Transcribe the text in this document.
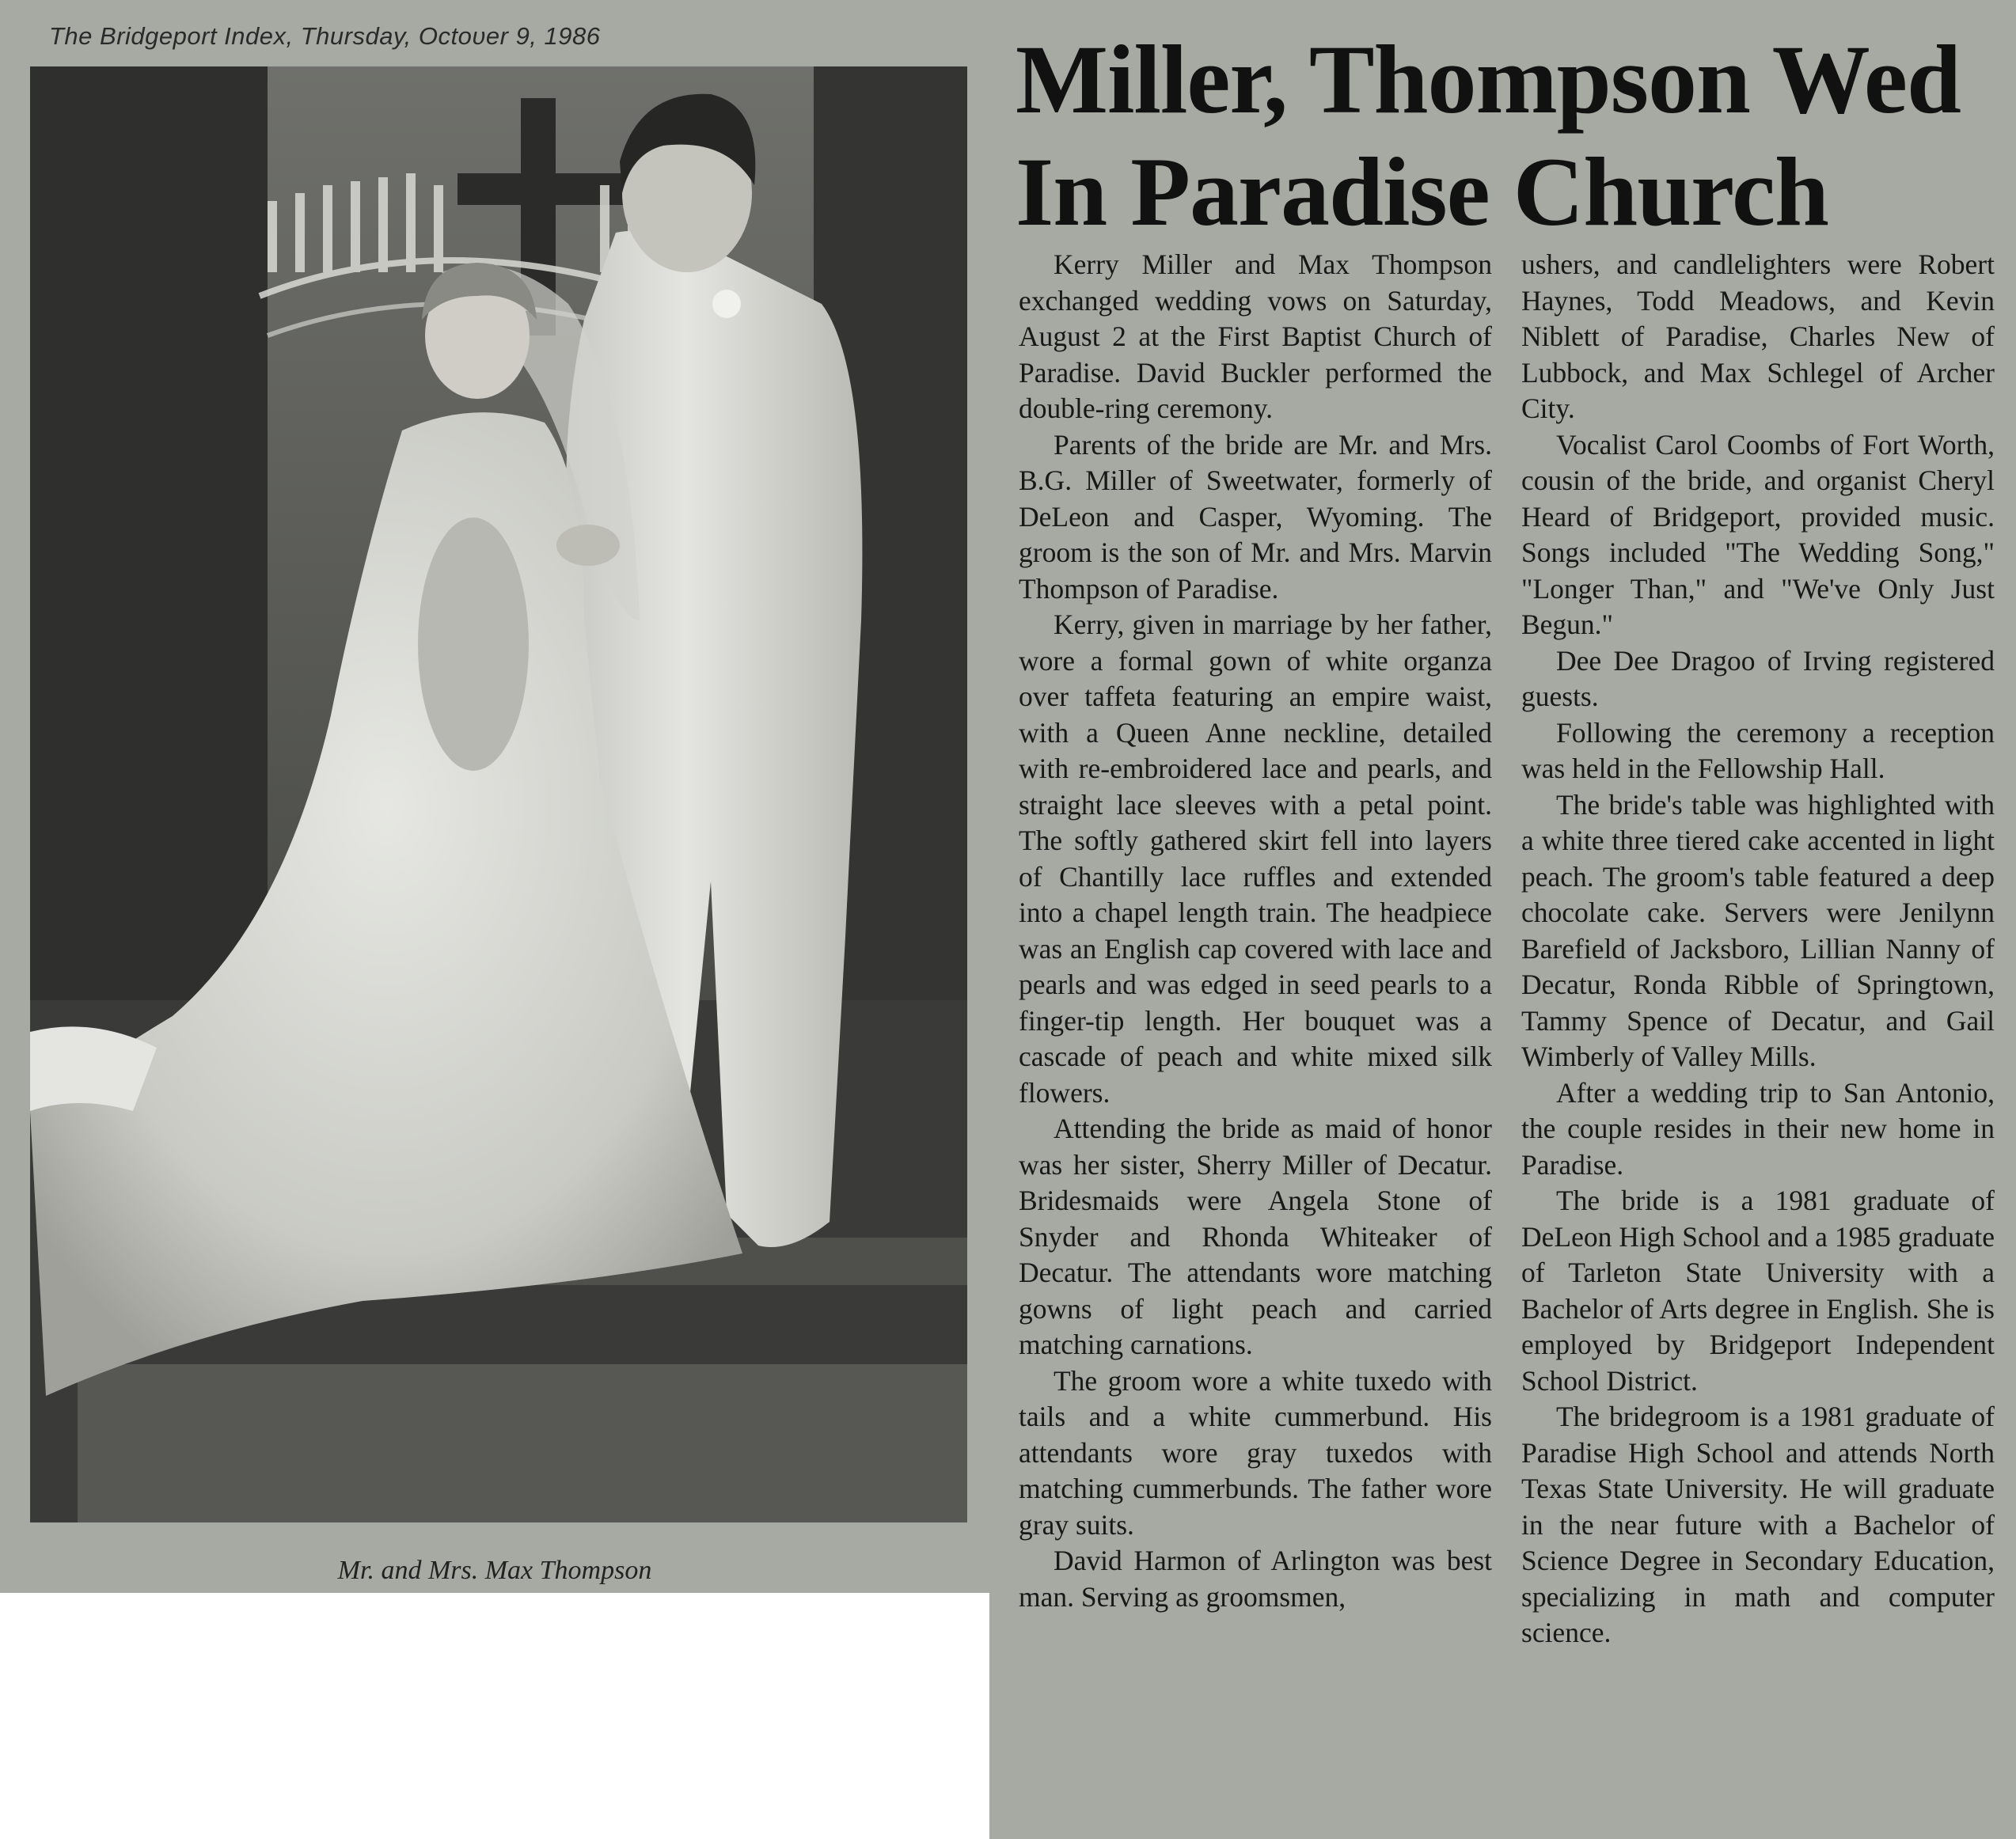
The Bridgeport Index, Thursday, Octoυer 9, 1986
Mr. and Mrs. Max Thompson
Miller, Thompson Wed
In Paradise Church

Kerry Miller and Max Thompson exchanged wedding vows on Saturday, August 2 at the First Baptist Church of Paradise. David Buckler performed the double-ring ceremony.

Parents of the bride are Mr. and Mrs. B.G. Miller of Sweetwater, formerly of DeLeon and Casper, Wyoming. The groom is the son of Mr. and Mrs. Marvin Thompson of Paradise.

Kerry, given in marriage by her father, wore a formal gown of white organza over taffeta featuring an empire waist, with a Queen Anne neckline, detailed with re-embroidered lace and pearls, and straight lace sleeves with a petal point. The softly gathered skirt fell into layers of Chantilly lace ruffles and extended into a chapel length train. The headpiece was an English cap covered with lace and pearls and was edged in seed pearls to a finger-tip length. Her bouquet was a cascade of peach and white mixed silk flowers.

Attending the bride as maid of honor was her sister, Sherry Miller of Decatur. Bridesmaids were Angela Stone of Snyder and Rhonda Whiteaker of Decatur. The attendants wore matching gowns of light peach and carried matching carnations.

The groom wore a white tuxedo with tails and a white cummerbund. His attendants wore gray tuxedos with matching cummerbunds. The father wore gray suits.

David Harmon of Arlington was best man. Serving as groomsmen,

ushers, and candlelighters were Robert Haynes, Todd Meadows, and Kevin Niblett of Paradise, Charles New of Lubbock, and Max Schlegel of Archer City.

Vocalist Carol Coombs of Fort Worth, cousin of the bride, and organist Cheryl Heard of Bridgeport, provided music. Songs included "The Wedding Song," "Longer Than," and "We've Only Just Begun."

Dee Dee Dragoo of Irving registered guests.

Following the ceremony a reception was held in the Fellowship Hall.

The bride's table was highlighted with a white three tiered cake accented in light peach. The groom's table featured a deep chocolate cake. Servers were Jenilynn Barefield of Jacksboro, Lillian Nanny of Decatur, Ronda Ribble of Springtown, Tammy Spence of Decatur, and Gail Wimberly of Valley Mills.

After a wedding trip to San Antonio, the couple resides in their new home in Paradise.

The bride is a 1981 graduate of DeLeon High School and a 1985 graduate of Tarleton State University with a Bachelor of Arts degree in English. She is employed by Bridgeport Independent School District.

The bridegroom is a 1981 graduate of Paradise High School and attends North Texas State University. He will graduate in the near future with a Bachelor of Science Degree in Secondary Education, specializing in math and computer science.
